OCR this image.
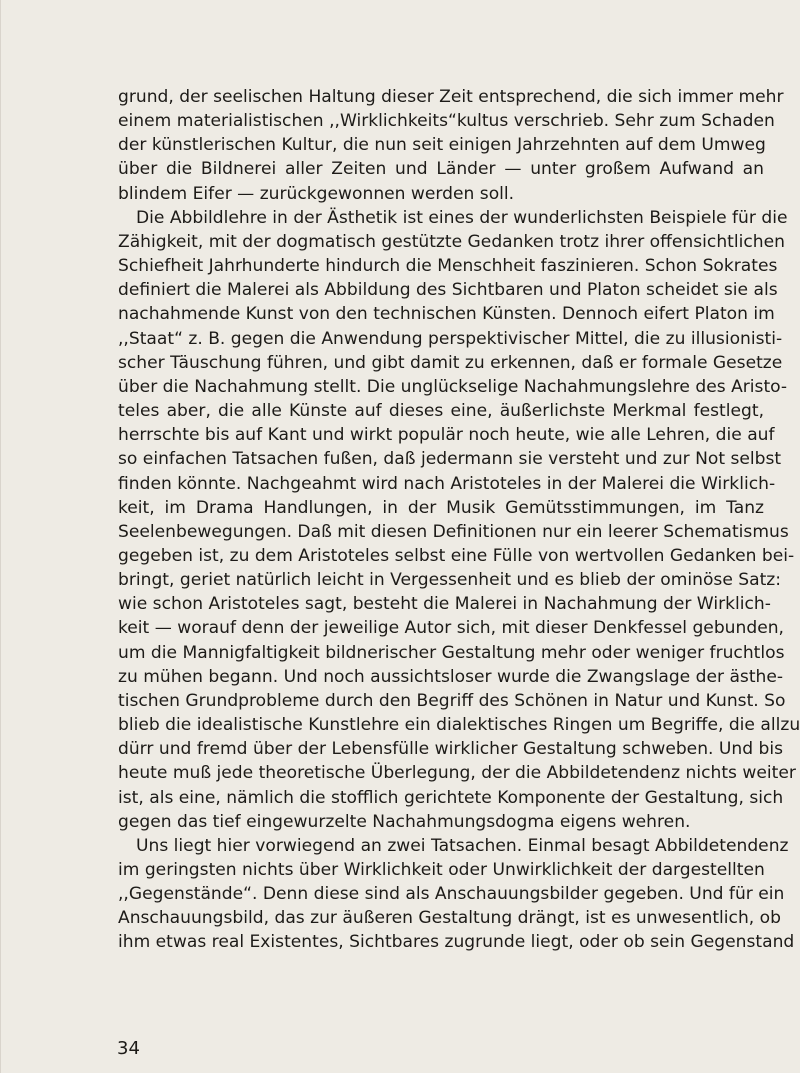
grund, der seelischen Haltung dieser Zeit entsprechend, die sich immer mehr
einem materialistischen ,,Wirklichkeits“kultus verschrieb. Sehr zum Schaden
der künstlerischen Kultur, die nun seit einigen Jahrzehnten auf dem Umweg
über die Bildnerei aller Zeiten und Länder — unter großem Aufwand an
blindem Eifer — zurückgewonnen werden soll.
Die Abbildlehre in der Ästhetik ist eines der wunderlichsten Beispiele für die
Zähigkeit, mit der dogmatisch gestützte Gedanken trotz ihrer offensichtlichen
Schiefheit Jahrhunderte hindurch die Menschheit faszinieren. Schon Sokrates
definiert die Malerei als Abbildung des Sichtbaren und Platon scheidet sie als
nachahmende Kunst von den technischen Künsten. Dennoch eifert Platon im
,,Staat“ z. B. gegen die Anwendung perspektivischer Mittel, die zu illusionisti-
scher Täuschung führen, und gibt damit zu erkennen, daß er formale Gesetze
über die Nachahmung stellt. Die unglückselige Nachahmungslehre des Aristo-
teles aber, die alle Künste auf dieses eine, äußerlichste Merkmal festlegt,
herrschte bis auf Kant und wirkt populär noch heute, wie alle Lehren, die auf
so einfachen Tatsachen fußen, daß jedermann sie versteht und zur Not selbst
finden könnte. Nachgeahmt wird nach Aristoteles in der Malerei die Wirklich-
keit, im Drama Handlungen, in der Musik Gemütsstimmungen, im Tanz
Seelenbewegungen. Daß mit diesen Definitionen nur ein leerer Schematismus
gegeben ist, zu dem Aristoteles selbst eine Fülle von wertvollen Gedanken bei-
bringt, geriet natürlich leicht in Vergessenheit und es blieb der ominöse Satz:
wie schon Aristoteles sagt, besteht die Malerei in Nachahmung der Wirklich-
keit — worauf denn der jeweilige Autor sich, mit dieser Denkfessel gebunden,
um die Mannigfaltigkeit bildnerischer Gestaltung mehr oder weniger fruchtlos
zu mühen begann. Und noch aussichtsloser wurde die Zwangslage der ästhe-
tischen Grundprobleme durch den Begriff des Schönen in Natur und Kunst. So
blieb die idealistische Kunstlehre ein dialektisches Ringen um Begriffe, die allzu
dürr und fremd über der Lebensfülle wirklicher Gestaltung schweben. Und bis
heute muß jede theoretische Überlegung, der die Abbildetendenz nichts weiter
ist, als eine, nämlich die stofflich gerichtete Komponente der Gestaltung, sich
gegen das tief eingewurzelte Nachahmungsdogma eigens wehren.
Uns liegt hier vorwiegend an zwei Tatsachen. Einmal besagt Abbildetendenz
im geringsten nichts über Wirklichkeit oder Unwirklichkeit der dargestellten
,,Gegenstände“. Denn diese sind als Anschauungsbilder gegeben. Und für ein
Anschauungsbild, das zur äußeren Gestaltung drängt, ist es unwesentlich, ob
ihm etwas real Existentes, Sichtbares zugrunde liegt, oder ob sein Gegenstand
34
